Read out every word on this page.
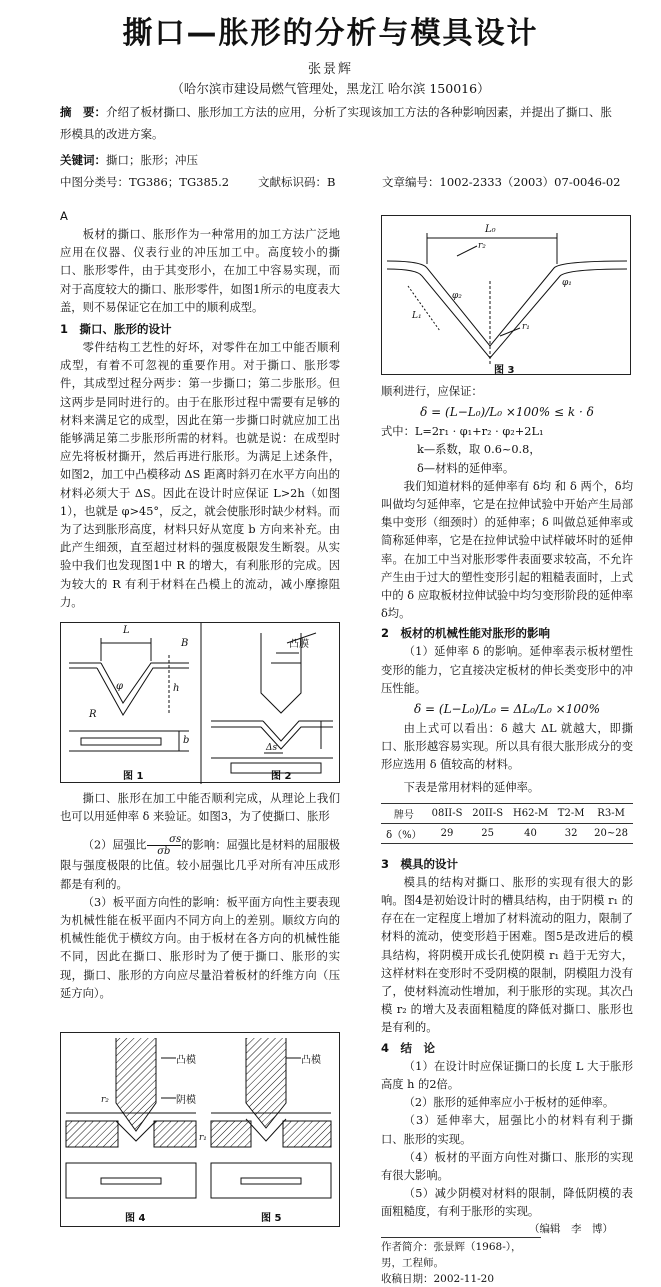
撕口—胀形的分析与模具设计
张景辉
（哈尔滨市建设局燃气管理处，黑龙江 哈尔滨 150016）
摘　要：介绍了板材撕口、胀形加工方法的应用，分析了实现该加工方法的各种影响因素，并提出了撕口、胀形模具的改进方案。
关键词：撕口；胀形；冲压
中图分类号：TG386；TG385.2	文献标识码：B	文章编号：1002-2333（2003）07-0046-02
A

板材的撕口、胀形作为一种常用的加工方法广泛地应用在仪器、仪表行业的冲压加工中。高度较小的撕口、胀形零件，由于其变形小，在加工中容易实现，而对于高度较大的撕口、胀形零件，如图1所示的电度表大盖，则不易保证它在加工中的顺利成型。

1　撕口、胀形的设计

零件结构工艺性的好坏，对零件在加工中能否顺利成型，有着不可忽视的重要作用。对于撕口、胀形零件，其成型过程分两步：第一步撕口；第二步胀形。但这两步是同时进行的。由于在胀形过程中需要有足够的材料来满足它的成型，因此在第一步撕口时就应加工出能够满足第二步胀形所需的材料。也就是说：在成型时应先将板材撕开，然后再进行胀形。为满足上述条件，如图2，加工中凸模移动 ΔS 距离时斜刃在水平方向出的材料必须大于 ΔS。因此在设计时应保证 L>2h（如图1），也就是 φ>45°，反之，就会使胀形时缺少材料。而为了达到胀形高度，材料只好从宽度 b 方向来补充。由此产生细颈，直至超过材料的强度极限发生断裂。从实验中我们也发现图1中 R 的增大，有利胀形的完成。因为较大的 R 有利于材料在凸模上的流动，减小摩擦阻力。

L
B
h
R
φ
b
凸膜
Δs
图 1	图 2

撕口、胀形在加工中能否顺利完成，从理论上我们也可以用延伸率 δ 来验证。如图3，为了使撕口、胀形

（2）屈强比 $\frac{\sigma s}{\sigma b}$的影响：屈强比是材料的屈服极限与强度极限的比值。较小屈强比几乎对所有冲压成形都是有利的。

（3）板平面方向性的影响：板平面方向性主要表现为机械性能在板平面内不同方向上的差别。顺纹方向的机械性能优于横纹方向。由于板材在各方向的机械性能不同，因此在撕口、胀形时为了便于撕口、胀形的实现，撕口、胀形的方向应尽量沿着板材的纤维方向（压延方向）。

凸模
阴模
凸模
r₂
r₁
图 4	图 5
L₀
r₂
φ₂
φ₁
L₁
r₁
图 3

顺利进行，应保证：

δ = (L−L₀)/L₀ ×100% ≤ k · δ

式中：L=2r₁ · φ₁+r₂ · φ₂+2L₁

k—系数，取 0.6~0.8，

δ—材料的延伸率。

我们知道材料的延伸率有 δ均 和 δ 两个，δ均 叫做均匀延伸率，它是在拉伸试验中开始产生局部集中变形（细颈时）的延伸率；δ 叫做总延伸率或简称延伸率，它是在拉伸试验中试样破坏时的延伸率。在加工中当对胀形零件表面要求较高，不允许产生由于过大的塑性变形引起的粗糙表面时，上式中的 δ 应取板材拉伸试验中均匀变形阶段的延伸率 δ均。

2　板材的机械性能对胀形的影响

（1）延伸率 δ 的影响。延伸率表示板材塑性变形的能力，它直接决定板材的伸长类变形中的冲压性能。

δ = (L−L₀)/L₀ = ΔL₀/L₀ ×100%

由上式可以看出：δ 越大 ΔL 就越大，即撕口、胀形越容易实现。所以具有很大胀形成分的变形应选用 δ 值较高的材料。

下表是常用材料的延伸率。

牌号	08II-S	20II-S	H62-M	T2-M	R3-M
δ（%）	29	25	40	32	20~28
3　模具的设计

模具的结构对撕口、胀形的实现有很大的影响。图4是初始设计时的槽具结构，由于阴模 r₁ 的存在在一定程度上增加了材料流动的阻力，限制了材料的流动，使变形趋于困难。图5是改进后的模具结构，将阴模开成长孔使阴模 r₁ 趋于无穷大，这样材料在变形时不受阴模的限制，阴模阻力没有了，使材料流动性增加，利于胀形的实现。其次凸模 r₂ 的增大及表面粗糙度的降低对撕口、胀形也是有利的。

4　结　论

（1）在设计时应保证撕口的长度 L 大于胀形高度 h 的2倍。

（2）胀形的延伸率应小于板材的延伸率。

（3）延伸率大，屈强比小的材料有利于撕口、胀形的实现。

（4）板材的平面方向性对撕口、胀形的实现有很大影响。

（5）减少阴模对材料的限制，降低阴模的表面粗糙度，有利于胀形的实现。

（编辑　李　博）
作者简介：张景辉（1968-），男，工程师。
收稿日期：2002-11-20
